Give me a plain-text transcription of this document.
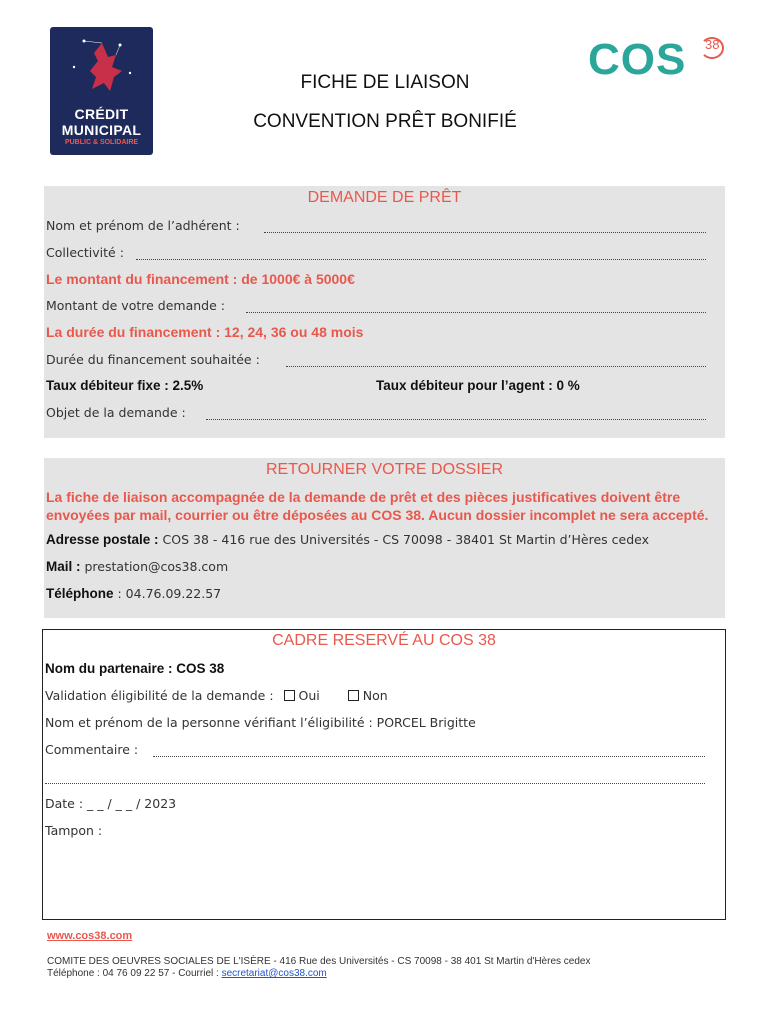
CRÉDIT
MUNICIPAL
PUBLIC & SOLIDAIRE
COS 38
FICHE DE LIAISON
CONVENTION PRÊT BONIFIÉ
DEMANDE DE PRÊT
Nom et prénom de l’adhérent :
Collectivité :
Le montant du financement : de 1000€ à 5000€
Montant de votre demande :
La durée du financement : 12, 24, 36 ou 48 mois
Durée du financement souhaitée :
Taux débiteur fixe : 2.5%	Taux débiteur pour l’agent : 0 %
Objet de la demande :
RETOURNER VOTRE DOSSIER
La fiche de liaison accompagnée de la demande de prêt et des pièces justificatives doivent être
envoyées par mail, courrier ou être déposées au COS 38. Aucun dossier incomplet ne sera accepté.
Adresse postale : COS 38 - 416 rue des Universités - CS 70098 - 38401 St Martin d’Hères cedex
Mail : prestation@cos38.com
Téléphone : 04.76.09.22.57
CADRE RESERVÉ AU COS 38
Nom du partenaire : COS 38
Validation éligibilité de la demande : Oui	Non
Nom et prénom de la personne vérifiant l’éligibilité : PORCEL Brigitte
Commentaire :
Date : _ _ / _ _ / 2023
Tampon :
www.cos38.com
COMITE DES OEUVRES SOCIALES DE L'ISÈRE - 416 Rue des Universités - CS 70098 - 38 401 St Martin d'Hères cedex
Téléphone : 04 76 09 22 57 - Courriel : secretariat@cos38.com
